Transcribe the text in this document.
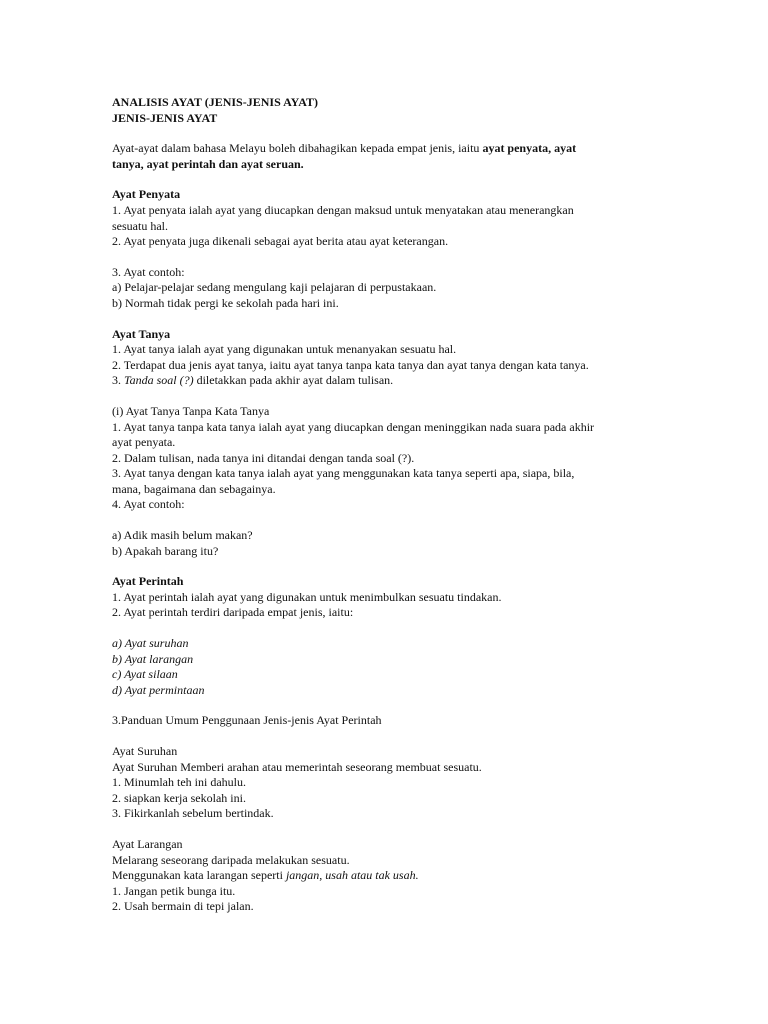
ANALISIS AYAT (JENIS-JENIS AYAT)
JENIS-JENIS AYAT
Ayat-ayat dalam bahasa Melayu boleh dibahagikan kepada empat jenis, iaitu ayat penyata, ayat
tanya, ayat perintah dan ayat seruan.
Ayat Penyata
1. Ayat penyata ialah ayat yang diucapkan dengan maksud untuk menyatakan atau menerangkan
sesuatu hal.
2. Ayat penyata juga dikenali sebagai ayat berita atau ayat keterangan.
3. Ayat contoh:
a) Pelajar-pelajar sedang mengulang kaji pelajaran di perpustakaan.
b) Normah tidak pergi ke sekolah pada hari ini.
Ayat Tanya
1. Ayat tanya ialah ayat yang digunakan untuk menanyakan sesuatu hal.
2. Terdapat dua jenis ayat tanya, iaitu ayat tanya tanpa kata tanya dan ayat tanya dengan kata tanya.
3. Tanda soal (?) diletakkan pada akhir ayat dalam tulisan.
(i) Ayat Tanya Tanpa Kata Tanya
1. Ayat tanya tanpa kata tanya ialah ayat yang diucapkan dengan meninggikan nada suara pada akhir
ayat penyata.
2. Dalam tulisan, nada tanya ini ditandai dengan tanda soal (?).
3. Ayat tanya dengan kata tanya ialah ayat yang menggunakan kata tanya seperti apa, siapa, bila,
mana, bagaimana dan sebagainya.
4. Ayat contoh:
a) Adik masih belum makan?
b) Apakah barang itu?
Ayat Perintah
1. Ayat perintah ialah ayat yang digunakan untuk menimbulkan sesuatu tindakan.
2. Ayat perintah terdiri daripada empat jenis, iaitu:
a) Ayat suruhan
b) Ayat larangan
c) Ayat silaan
d) Ayat permintaan
3.Panduan Umum Penggunaan Jenis-jenis Ayat Perintah
Ayat Suruhan
Ayat Suruhan Memberi arahan atau memerintah seseorang membuat sesuatu.
1. Minumlah teh ini dahulu.
2. siapkan kerja sekolah ini.
3. Fikirkanlah sebelum bertindak.
Ayat Larangan
Melarang seseorang daripada melakukan sesuatu.
Menggunakan kata larangan seperti jangan, usah atau tak usah.
1. Jangan petik bunga itu.
2. Usah bermain di tepi jalan.
